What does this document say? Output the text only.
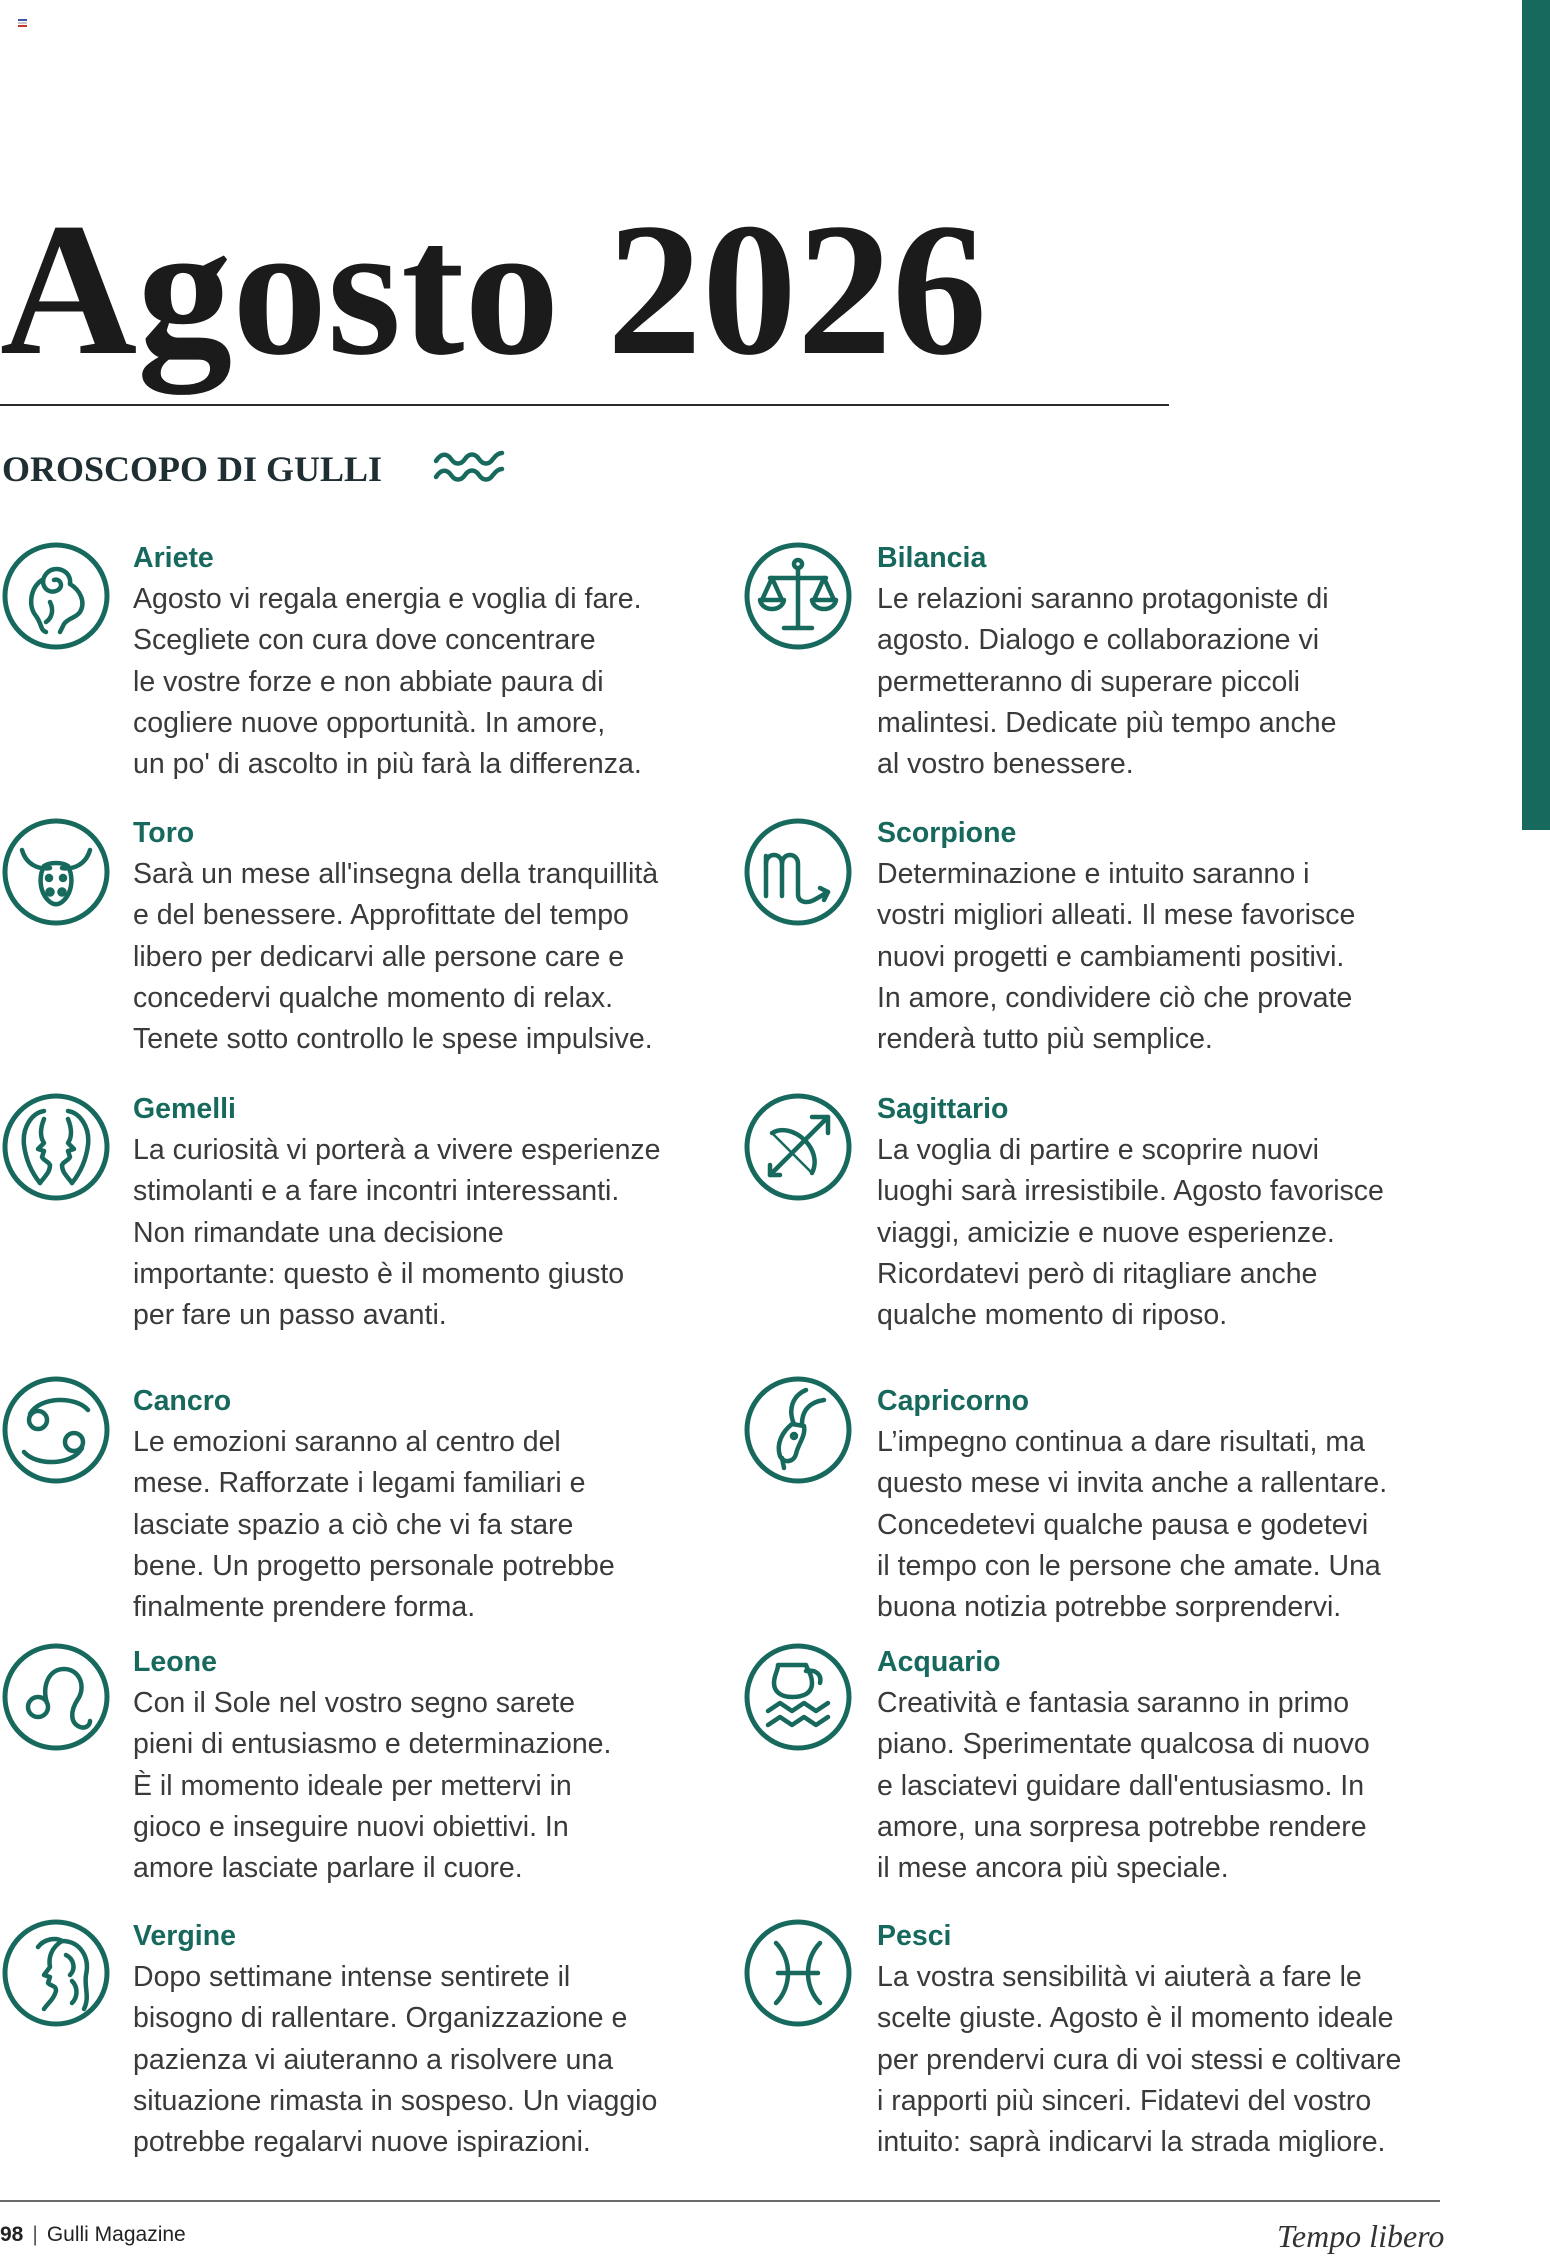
Agosto 2026
OROSCOPO DI GULLI
Ariete
Agosto vi regala energia e voglia di fare.
Scegliete con cura dove concentrare
le vostre forze e non abbiate paura di
cogliere nuove opportunità. In amore,
un po' di ascolto in più farà la differenza.
Toro
Sarà un mese all'insegna della tranquillità
e del benessere. Approfittate del tempo
libero per dedicarvi alle persone care e
concedervi qualche momento di relax.
Tenete sotto controllo le spese impulsive.
Gemelli
La curiosità vi porterà a vivere esperienze
stimolanti e a fare incontri interessanti.
Non rimandate una decisione
importante: questo è il momento giusto
per fare un passo avanti.
Cancro
Le emozioni saranno al centro del
mese. Rafforzate i legami familiari e
lasciate spazio a ciò che vi fa stare
bene. Un progetto personale potrebbe
finalmente prendere forma.
Leone
Con il Sole nel vostro segno sarete
pieni di entusiasmo e determinazione.
È il momento ideale per mettervi in
gioco e inseguire nuovi obiettivi. In
amore lasciate parlare il cuore.
Vergine
Dopo settimane intense sentirete il
bisogno di rallentare. Organizzazione e
pazienza vi aiuteranno a risolvere una
situazione rimasta in sospeso. Un viaggio
potrebbe regalarvi nuove ispirazioni.
Bilancia
Le relazioni saranno protagoniste di
agosto. Dialogo e collaborazione vi
permetteranno di superare piccoli
malintesi. Dedicate più tempo anche
al vostro benessere.
Scorpione
Determinazione e intuito saranno i
vostri migliori alleati. Il mese favorisce
nuovi progetti e cambiamenti positivi.
In amore, condividere ciò che provate
renderà tutto più semplice.
Sagittario
La voglia di partire e scoprire nuovi
luoghi sarà irresistibile. Agosto favorisce
viaggi, amicizie e nuove esperienze.
Ricordatevi però di ritagliare anche
qualche momento di riposo.
Capricorno
L’impegno continua a dare risultati, ma
questo mese vi invita anche a rallentare.
Concedetevi qualche pausa e godetevi
il tempo con le persone che amate. Una
buona notizia potrebbe sorprendervi.
Acquario
Creatività e fantasia saranno in primo
piano. Sperimentate qualcosa di nuovo
e lasciatevi guidare dall'entusiasmo. In
amore, una sorpresa potrebbe rendere
il mese ancora più speciale.
Pesci
La vostra sensibilità vi aiuterà a fare le
scelte giuste. Agosto è il momento ideale
per prendervi cura di voi stessi e coltivare
i rapporti più sinceri. Fidatevi del vostro
intuito: saprà indicarvi la strada migliore.
98 | Gulli Magazine	Tempo libero
